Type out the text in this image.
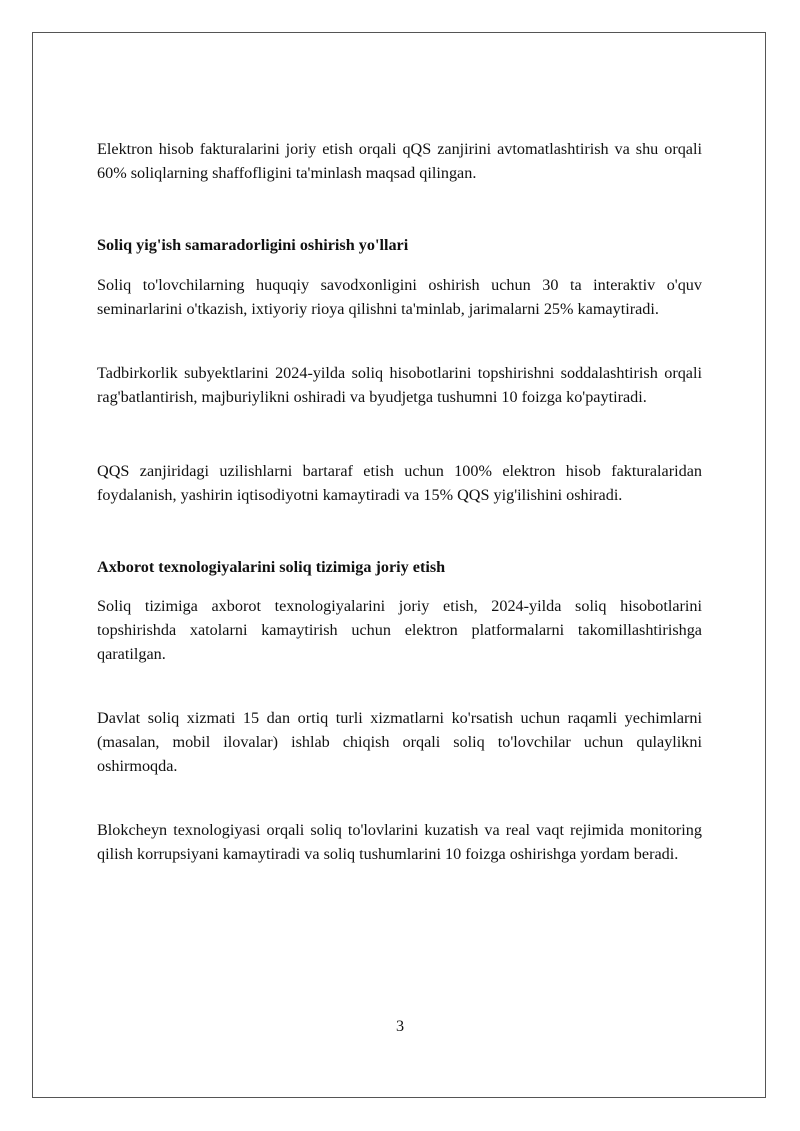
Elektron hisob fakturalarini joriy etish orqali qQS zanjirini avtomatlashtirish va shu orqali 60% soliqlarning shaffofligini ta'minlash maqsad qilingan.

Soliq yig'ish samaradorligini oshirish yo'llari

Soliq to'lovchilarning huquqiy savodxonligini oshirish uchun 30 ta interaktiv o'quv seminarlarini o'tkazish, ixtiyoriy rioya qilishni ta'minlab, jarimalarni 25% kamaytiradi.

Tadbirkorlik subyektlarini 2024-yilda soliq hisobotlarini topshirishni soddalashtirish orqali rag'batlantirish, majburiylikni oshiradi va byudjetga tushumni 10 foizga ko'paytiradi.

QQS zanjiridagi uzilishlarni bartaraf etish uchun 100% elektron hisob fakturalaridan foydalanish, yashirin iqtisodiyotni kamaytiradi va 15% QQS yig'ilishini oshiradi.

Axborot texnologiyalarini soliq tizimiga joriy etish

Soliq tizimiga axborot texnologiyalarini joriy etish, 2024-yilda soliq hisobotlarini topshirishda xatolarni kamaytirish uchun elektron platformalarni takomillashtirishga qaratilgan.

Davlat soliq xizmati 15 dan ortiq turli xizmatlarni ko'rsatish uchun raqamli yechimlarni (masalan, mobil ilovalar) ishlab chiqish orqali soliq to'lovchilar uchun qulaylikni oshirmoqda.

Blokcheyn texnologiyasi orqali soliq to'lovlarini kuzatish va real vaqt rejimida monitoring qilish korrupsiyani kamaytiradi va soliq tushumlarini 10 foizga oshirishga yordam beradi.

3
